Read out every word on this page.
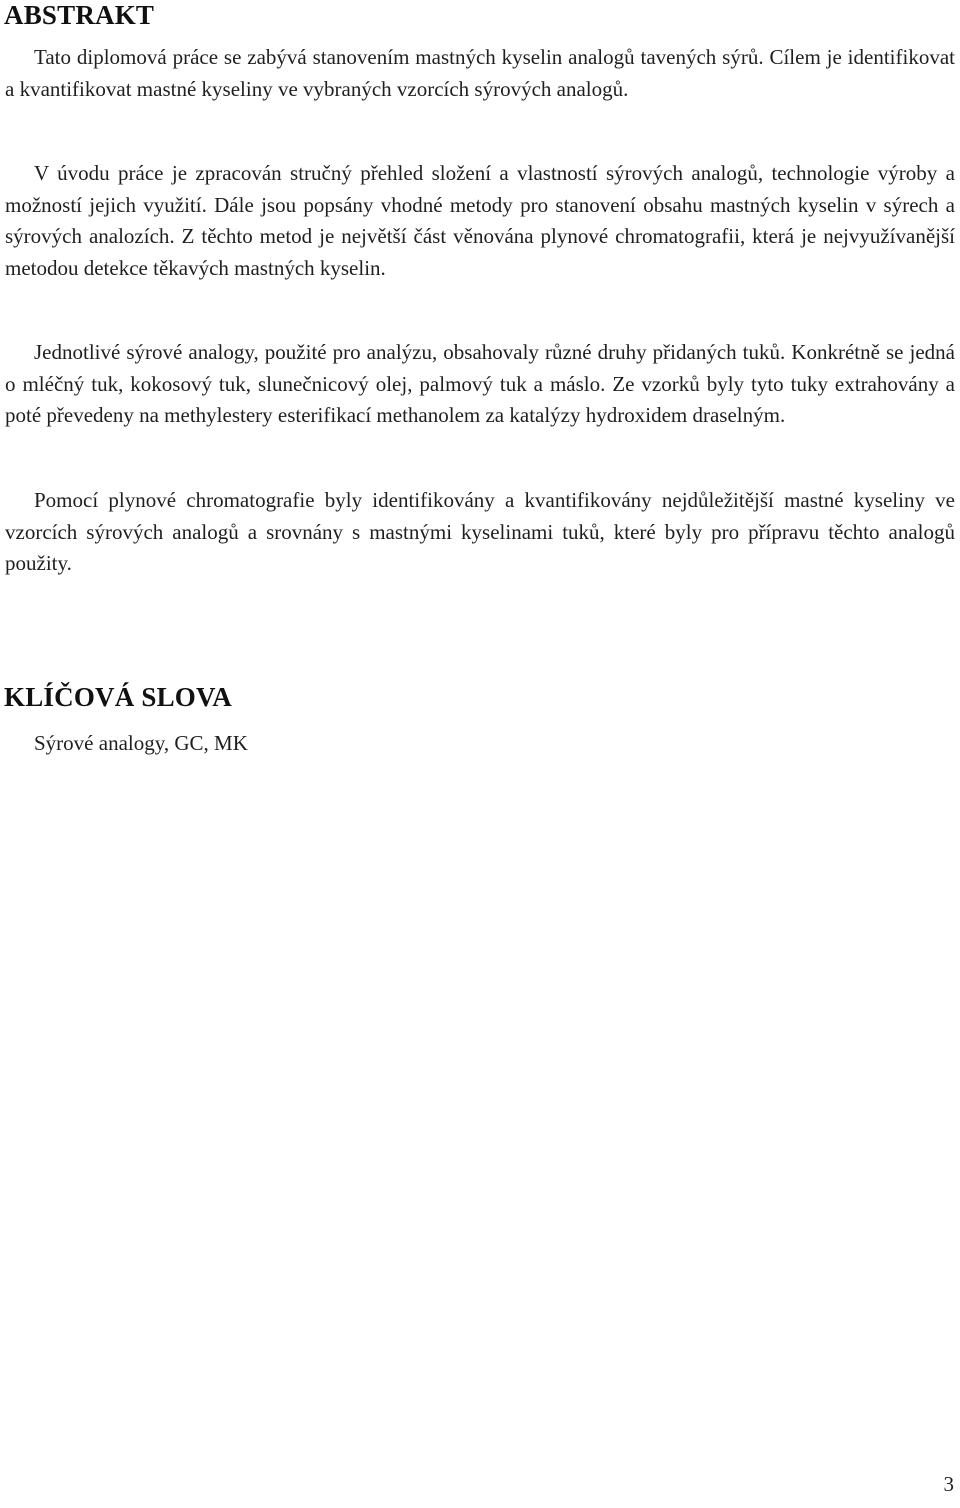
ABSTRAKT

Tato diplomová práce se zabývá stanovením mastných kyselin analogů tavených sýrů. Cílem je identifikovat a kvantifikovat mastné kyseliny ve vybraných vzorcích sýrových analogů.

V úvodu práce je zpracován stručný přehled složení a vlastností sýrových analogů, technologie výroby a možností jejich využití. Dále jsou popsány vhodné metody pro stanovení obsahu mastných kyselin v sýrech a sýrových analozích. Z těchto metod je největší část věnována plynové chromatografii, která je nejvyužívanější metodou detekce těkavých mastných kyselin.

Jednotlivé sýrové analogy, použité pro analýzu, obsahovaly různé druhy přidaných tuků. Konkrétně se jedná o mléčný tuk, kokosový tuk, slunečnicový olej, palmový tuk a máslo. Ze vzorků byly tyto tuky extrahovány a poté převedeny na methylestery esterifikací methanolem za katalýzy hydroxidem draselným.

Pomocí plynové chromatografie byly identifikovány a kvantifikovány nejdůležitější mastné kyseliny ve vzorcích sýrových analogů a srovnány s mastnými kyselinami tuků, které byly pro přípravu těchto analogů použity.

KLÍČOVÁ SLOVA

Sýrové analogy, GC, MK

3
